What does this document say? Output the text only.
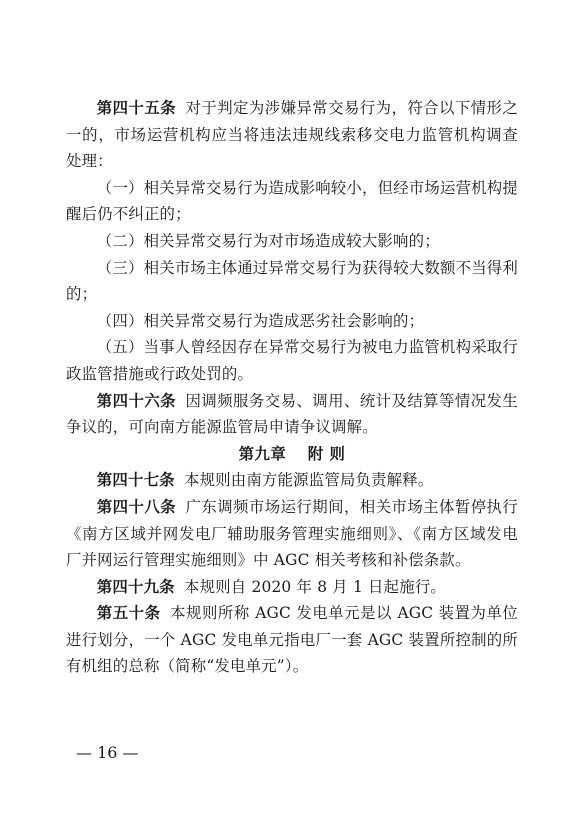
第四十五条 对于判定为涉嫌异常交易行为，符合以下情形之一的，市场运营机构应当将违法违规线索移交电力监管机构调查处理：

（一）相关异常交易行为造成影响较小，但经市场运营机构提醒后仍不纠正的；

（二）相关异常交易行为对市场造成较大影响的；

（三）相关市场主体通过异常交易行为获得较大数额不当得利的；

（四）相关异常交易行为造成恶劣社会影响的；

（五）当事人曾经因存在异常交易行为被电力监管机构采取行政监管措施或行政处罚的。

第四十六条 因调频服务交易、调用、统计及结算等情况发生争议的，可向南方能源监管局申请争议调解。

第九章 附 则

第四十七条 本规则由南方能源监管局负责解释。

第四十八条 广东调频市场运行期间，相关市场主体暂停执行《南方区域并网发电厂辅助服务管理实施细则》、《南方区域发电厂并网运行管理实施细则》中 AGC 相关考核和补偿条款。

第四十九条 本规则自 2020 年 8 月 1 日起施行。

第五十条 本规则所称 AGC 发电单元是以 AGC 装置为单位进行划分，一个 AGC 发电单元指电厂一套 AGC 装置所控制的所有机组的总称（简称“发电单元”）。

— 16 —
